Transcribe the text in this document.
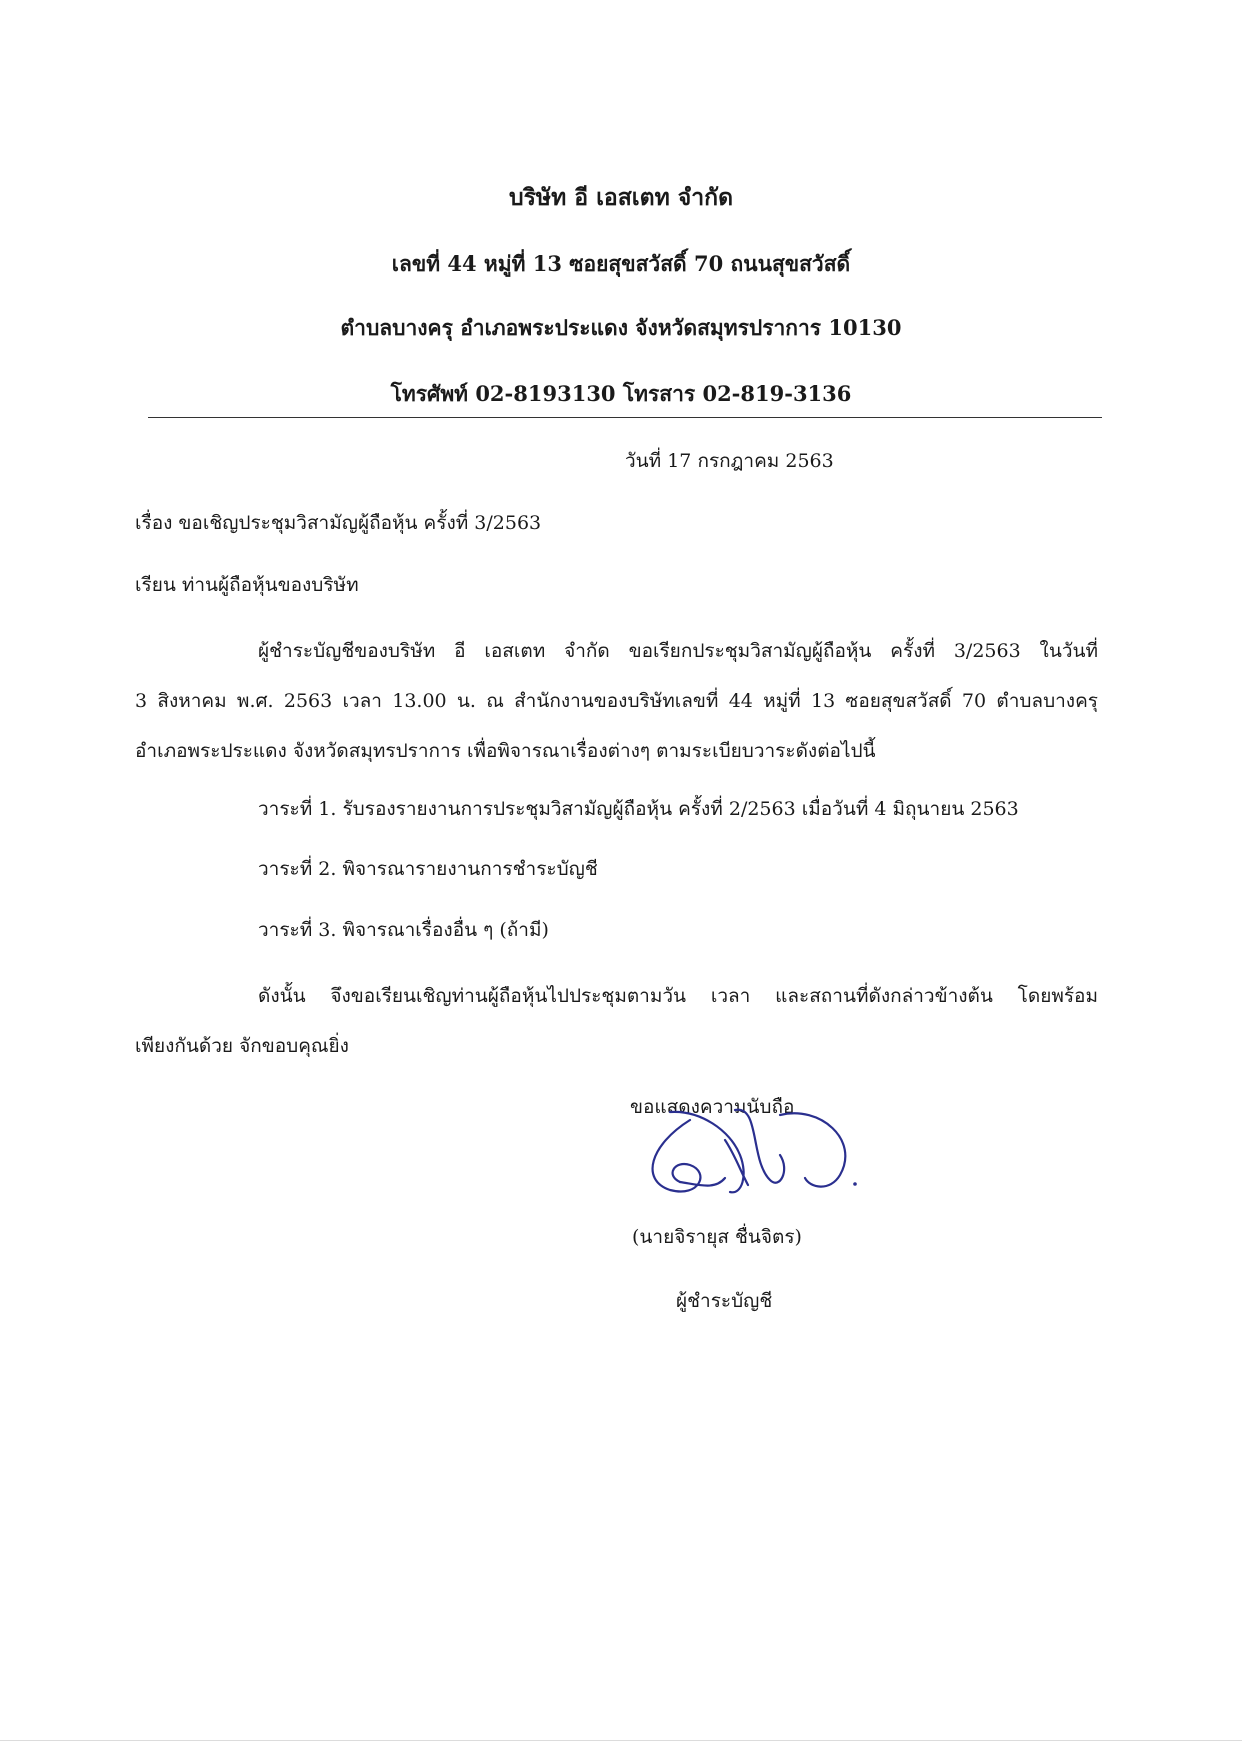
บริษัท อี เอสเตท จำกัด
เลขที่ 44 หมู่ที่ 13 ซอยสุขสวัสดิ์ 70 ถนนสุขสวัสดิ์
ตำบลบางครุ อำเภอพระประแดง จังหวัดสมุทรปราการ 10130
โทรศัพท์ 02-8193130 โทรสาร 02-819-3136
วันที่ 17 กรกฎาคม 2563
เรื่อง ขอเชิญประชุมวิสามัญผู้ถือหุ้น ครั้งที่ 3/2563
เรียน ท่านผู้ถือหุ้นของบริษัท
ผู้ชำระบัญชีของบริษัท อี เอสเตท จำกัด ขอเรียกประชุมวิสามัญผู้ถือหุ้น ครั้งที่ 3/2563 ในวันที่
3 สิงหาคม พ.ศ. 2563 เวลา 13.00 น. ณ สำนักงานของบริษัทเลขที่ 44 หมู่ที่ 13 ซอยสุขสวัสดิ์ 70 ตำบลบางครุ
อำเภอพระประแดง จังหวัดสมุทรปราการ เพื่อพิจารณาเรื่องต่างๆ ตามระเบียบวาระดังต่อไปนี้
วาระที่ 1. รับรองรายงานการประชุมวิสามัญผู้ถือหุ้น ครั้งที่ 2/2563 เมื่อวันที่ 4 มิถุนายน 2563
วาระที่ 2. พิจารณารายงานการชำระบัญชี
วาระที่ 3. พิจารณาเรื่องอื่น ๆ (ถ้ามี)
ดังนั้น จึงขอเรียนเชิญท่านผู้ถือหุ้นไปประชุมตามวัน เวลา และสถานที่ดังกล่าวข้างต้น โดยพร้อม
เพียงกันด้วย จักขอบคุณยิ่ง
ขอแสดงความนับถือ
(นายจิรายุส ชื่นจิตร)
ผู้ชำระบัญชี
